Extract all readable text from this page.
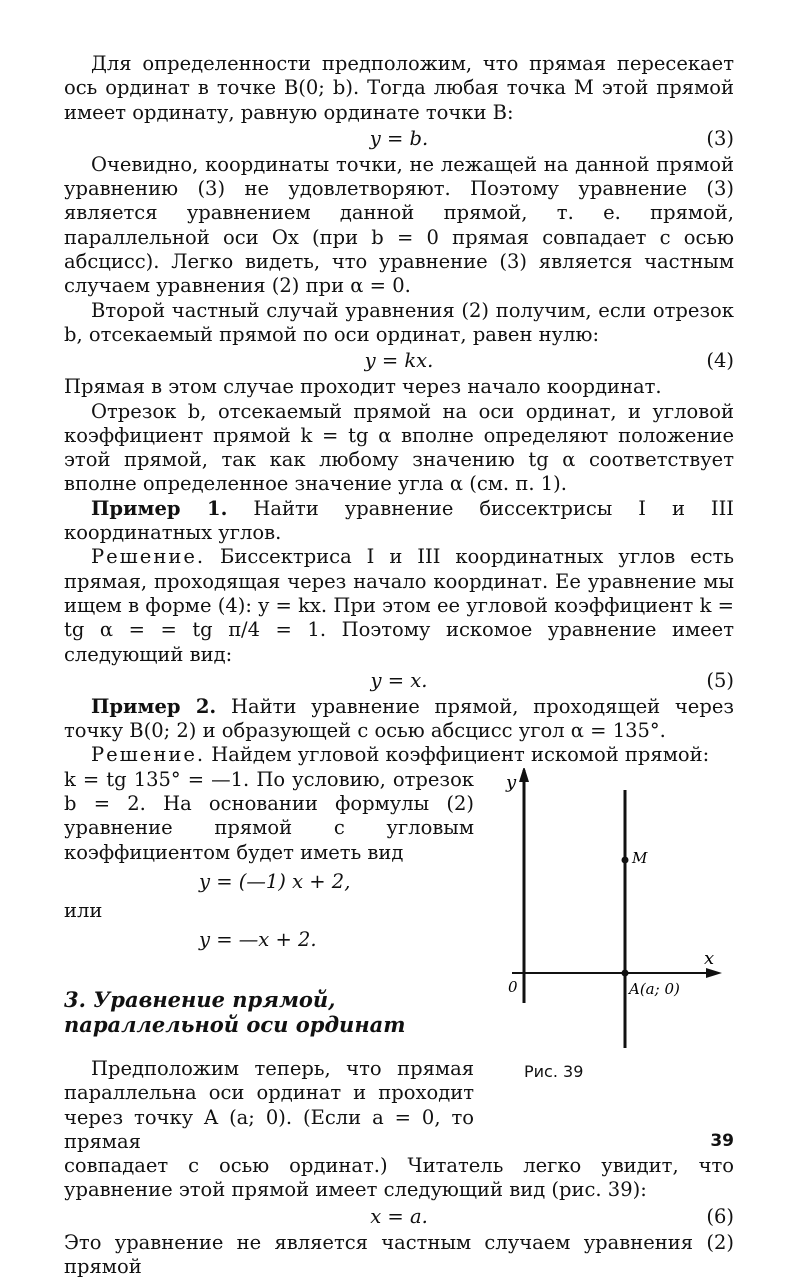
Для определенности предположим, что прямая пересекает ось ординат в точке B(0; b). Тогда любая точка M этой прямой имеет ординату, равную ординате точки B:

y = b.	(3)

Очевидно, координаты точки, не лежащей на данной прямой уравнению (3) не удовлетворяют. Поэтому уравнение (3) является уравнением данной прямой, т. е. прямой, параллельной оси Ox (при b = 0 прямая совпадает с осью абсцисс). Легко видеть, что уравнение (3) является частным случаем уравнения (2) при α = 0.

Второй частный случай уравнения (2) получим, если отрезок b, отсекаемый прямой по оси ординат, равен нулю:

y = kx.	(4)

Прямая в этом случае проходит через начало координат.

Отрезок b, отсекаемый прямой на оси ординат, и угловой коэффициент прямой k = tg α вполне определяют положение этой прямой, так как любому значению tg α соответствует вполне определенное значение угла α (см. п. 1).

Пример 1. Найти уравнение биссектрисы I и III координатных углов.

Решение. Биссектриса I и III координатных углов есть прямая, проходящая через начало координат. Ее уравнение мы ищем в форме (4): y = kx. При этом ее угловой коэффициент k = tg α = = tg π/4 = 1. Поэтому искомое уравнение имеет следующий вид:

y = x.	(5)

Пример 2. Найти уравнение прямой, проходящей через точку B(0; 2) и образующей с осью абсцисс угол α = 135°.

Решение. Найдем угловой коэффициент искомой прямой:

k = tg 135° = —1. По условию, отрезок b = 2. На основании формулы (2) уравнение прямой с угловым коэффициентом будет иметь вид

y = (—1) x + 2,
или
y = —x + 2.
3. Уравнение прямой, параллельной оси ординат

Предположим теперь, что прямая параллельна оси ординат и проходит через точку A (a; 0). (Если a = 0, то прямая

y
x
0
M
A(a; 0)
Рис. 39

совпадает с осью ординат.) Читатель легко увидит, что уравнение этой прямой имеет следующий вид (рис. 39):

x = a.	(6)

Это уравнение не является частным случаем уравнения (2) прямой

39
